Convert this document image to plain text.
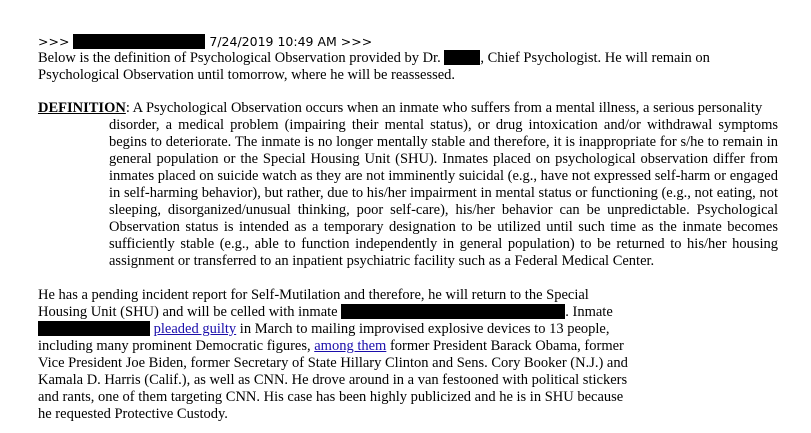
>>>	7/24/2019 10:49 AM >>>

Below is the definition of Psychological Observation provided by Dr.	, Chief Psychologist. He will remain on Psychological Observation until tomorrow, where he will be reassessed.

DEFINITION: A Psychological Observation occurs when an inmate who suffers from a mental illness, a serious personality

disorder, a medical problem (impairing their mental status), or drug intoxication and/or withdrawal symptoms begins to deteriorate. The inmate is no longer mentally stable and therefore, it is inappropriate for s/he to remain in general population or the Special Housing Unit (SHU). Inmates placed on psychological observation differ from inmates placed on suicide watch as they are not imminently suicidal (e.g., have not expressed self-harm or engaged in self-harming behavior), but rather, due to his/her impairment in mental status or functioning (e.g., not eating, not sleeping, disorganized/unusual thinking, poor self-care), his/her behavior can be unpredictable. Psychological Observation status is intended as a temporary designation to be utilized until such time as the inmate becomes sufficiently stable (e.g., able to function independently in general population) to be returned to his/her housing assignment or transferred to an inpatient psychiatric facility such as a Federal Medical Center.

He has a pending incident report for Self-Mutilation and therefore, he will return to the Special Housing Unit (SHU) and will be celled with inmate	. Inmate  pleaded guilty in March to mailing improvised explosive devices to 13 people, including many prominent Democratic figures, among them former President Barack Obama, former Vice President Joe Biden, former Secretary of State Hillary Clinton and Sens. Cory Booker (N.J.) and Kamala D. Harris (Calif.), as well as CNN. He drove around in a van festooned with political stickers and rants, one of them targeting CNN. His case has been highly publicized and he is in SHU because he requested Protective Custody.
